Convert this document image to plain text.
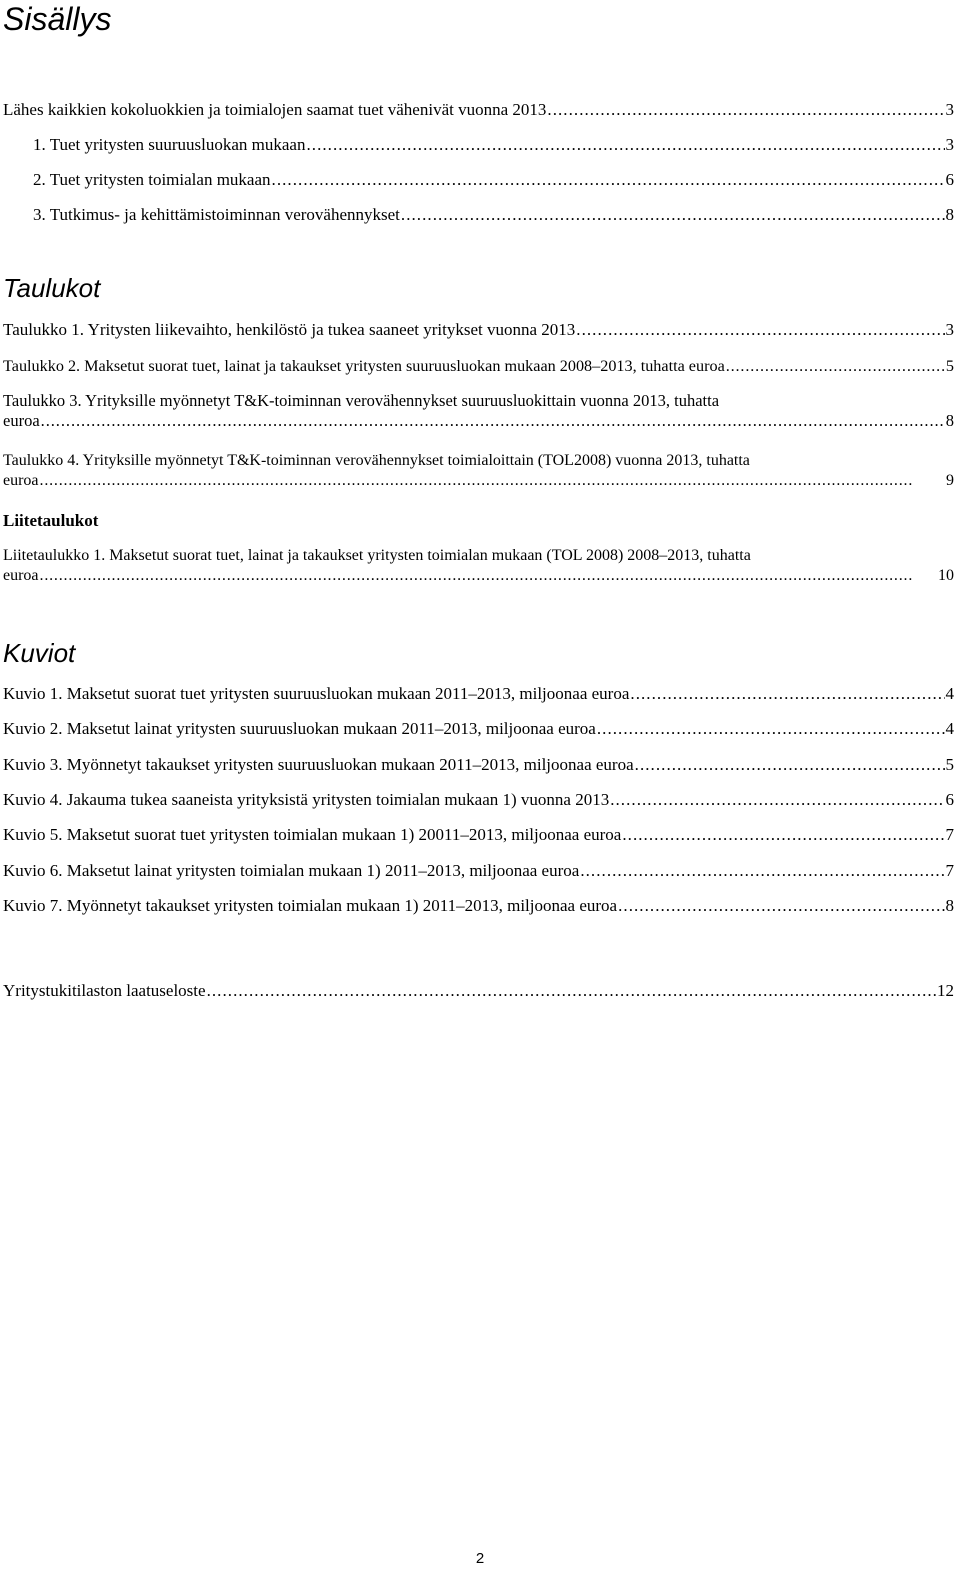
Sisällys
Lähes kaikkien kokoluokkien ja toimialojen saamat tuet vähenivät vuonna 2013 . . .	3
1. Tuet yritysten suuruusluokan mukaan . . .	3
2. Tuet yritysten toimialan mukaan . . .	6
3. Tutkimus- ja kehittämistoiminnan verovähennykset . . .	8
Taulukot
Taulukko 1. Yritysten liikevaihto, henkilöstö ja tukea saaneet yritykset vuonna 2013 . . .	3
Taulukko 2. Maksetut suorat tuet, lainat ja takaukset yritysten suuruusluokan mukaan 2008–2013, tuhatta euroa . . .	5
Taulukko 3. Yrityksille myönnetyt T&K-toiminnan verovähennykset suuruusluokittain vuonna 2013, tuhatta
euroa . . .	8
Taulukko 4. Yrityksille myönnetyt T&K-toiminnan verovähennykset toimialoittain (TOL2008) vuonna 2013, tuhatta
euroa . . .	9
Liitetaulukot
Liitetaulukko 1. Maksetut suorat tuet, lainat ja takaukset yritysten toimialan mukaan (TOL 2008) 2008–2013, tuhatta
euroa . . .	10
Kuviot
Kuvio 1. Maksetut suorat tuet yritysten suuruusluokan mukaan 2011–2013, miljoonaa euroa . . .	4
Kuvio 2. Maksetut lainat yritysten suuruusluokan mukaan 2011–2013, miljoonaa euroa . . .	4
Kuvio 3. Myönnetyt takaukset yritysten suuruusluokan mukaan 2011–2013, miljoonaa euroa . . .	5
Kuvio 4. Jakauma tukea saaneista yrityksistä yritysten toimialan mukaan 1) vuonna 2013 . . .	6
Kuvio 5. Maksetut suorat tuet yritysten toimialan mukaan 1) 20011–2013, miljoonaa euroa . . .	7
Kuvio 6. Maksetut lainat yritysten toimialan mukaan 1) 2011–2013, miljoonaa euroa . . .	7
Kuvio 7. Myönnetyt takaukset yritysten toimialan mukaan 1) 2011–2013, miljoonaa euroa . . .	8
Yritystukitilaston laatuseloste . . .	12
2
